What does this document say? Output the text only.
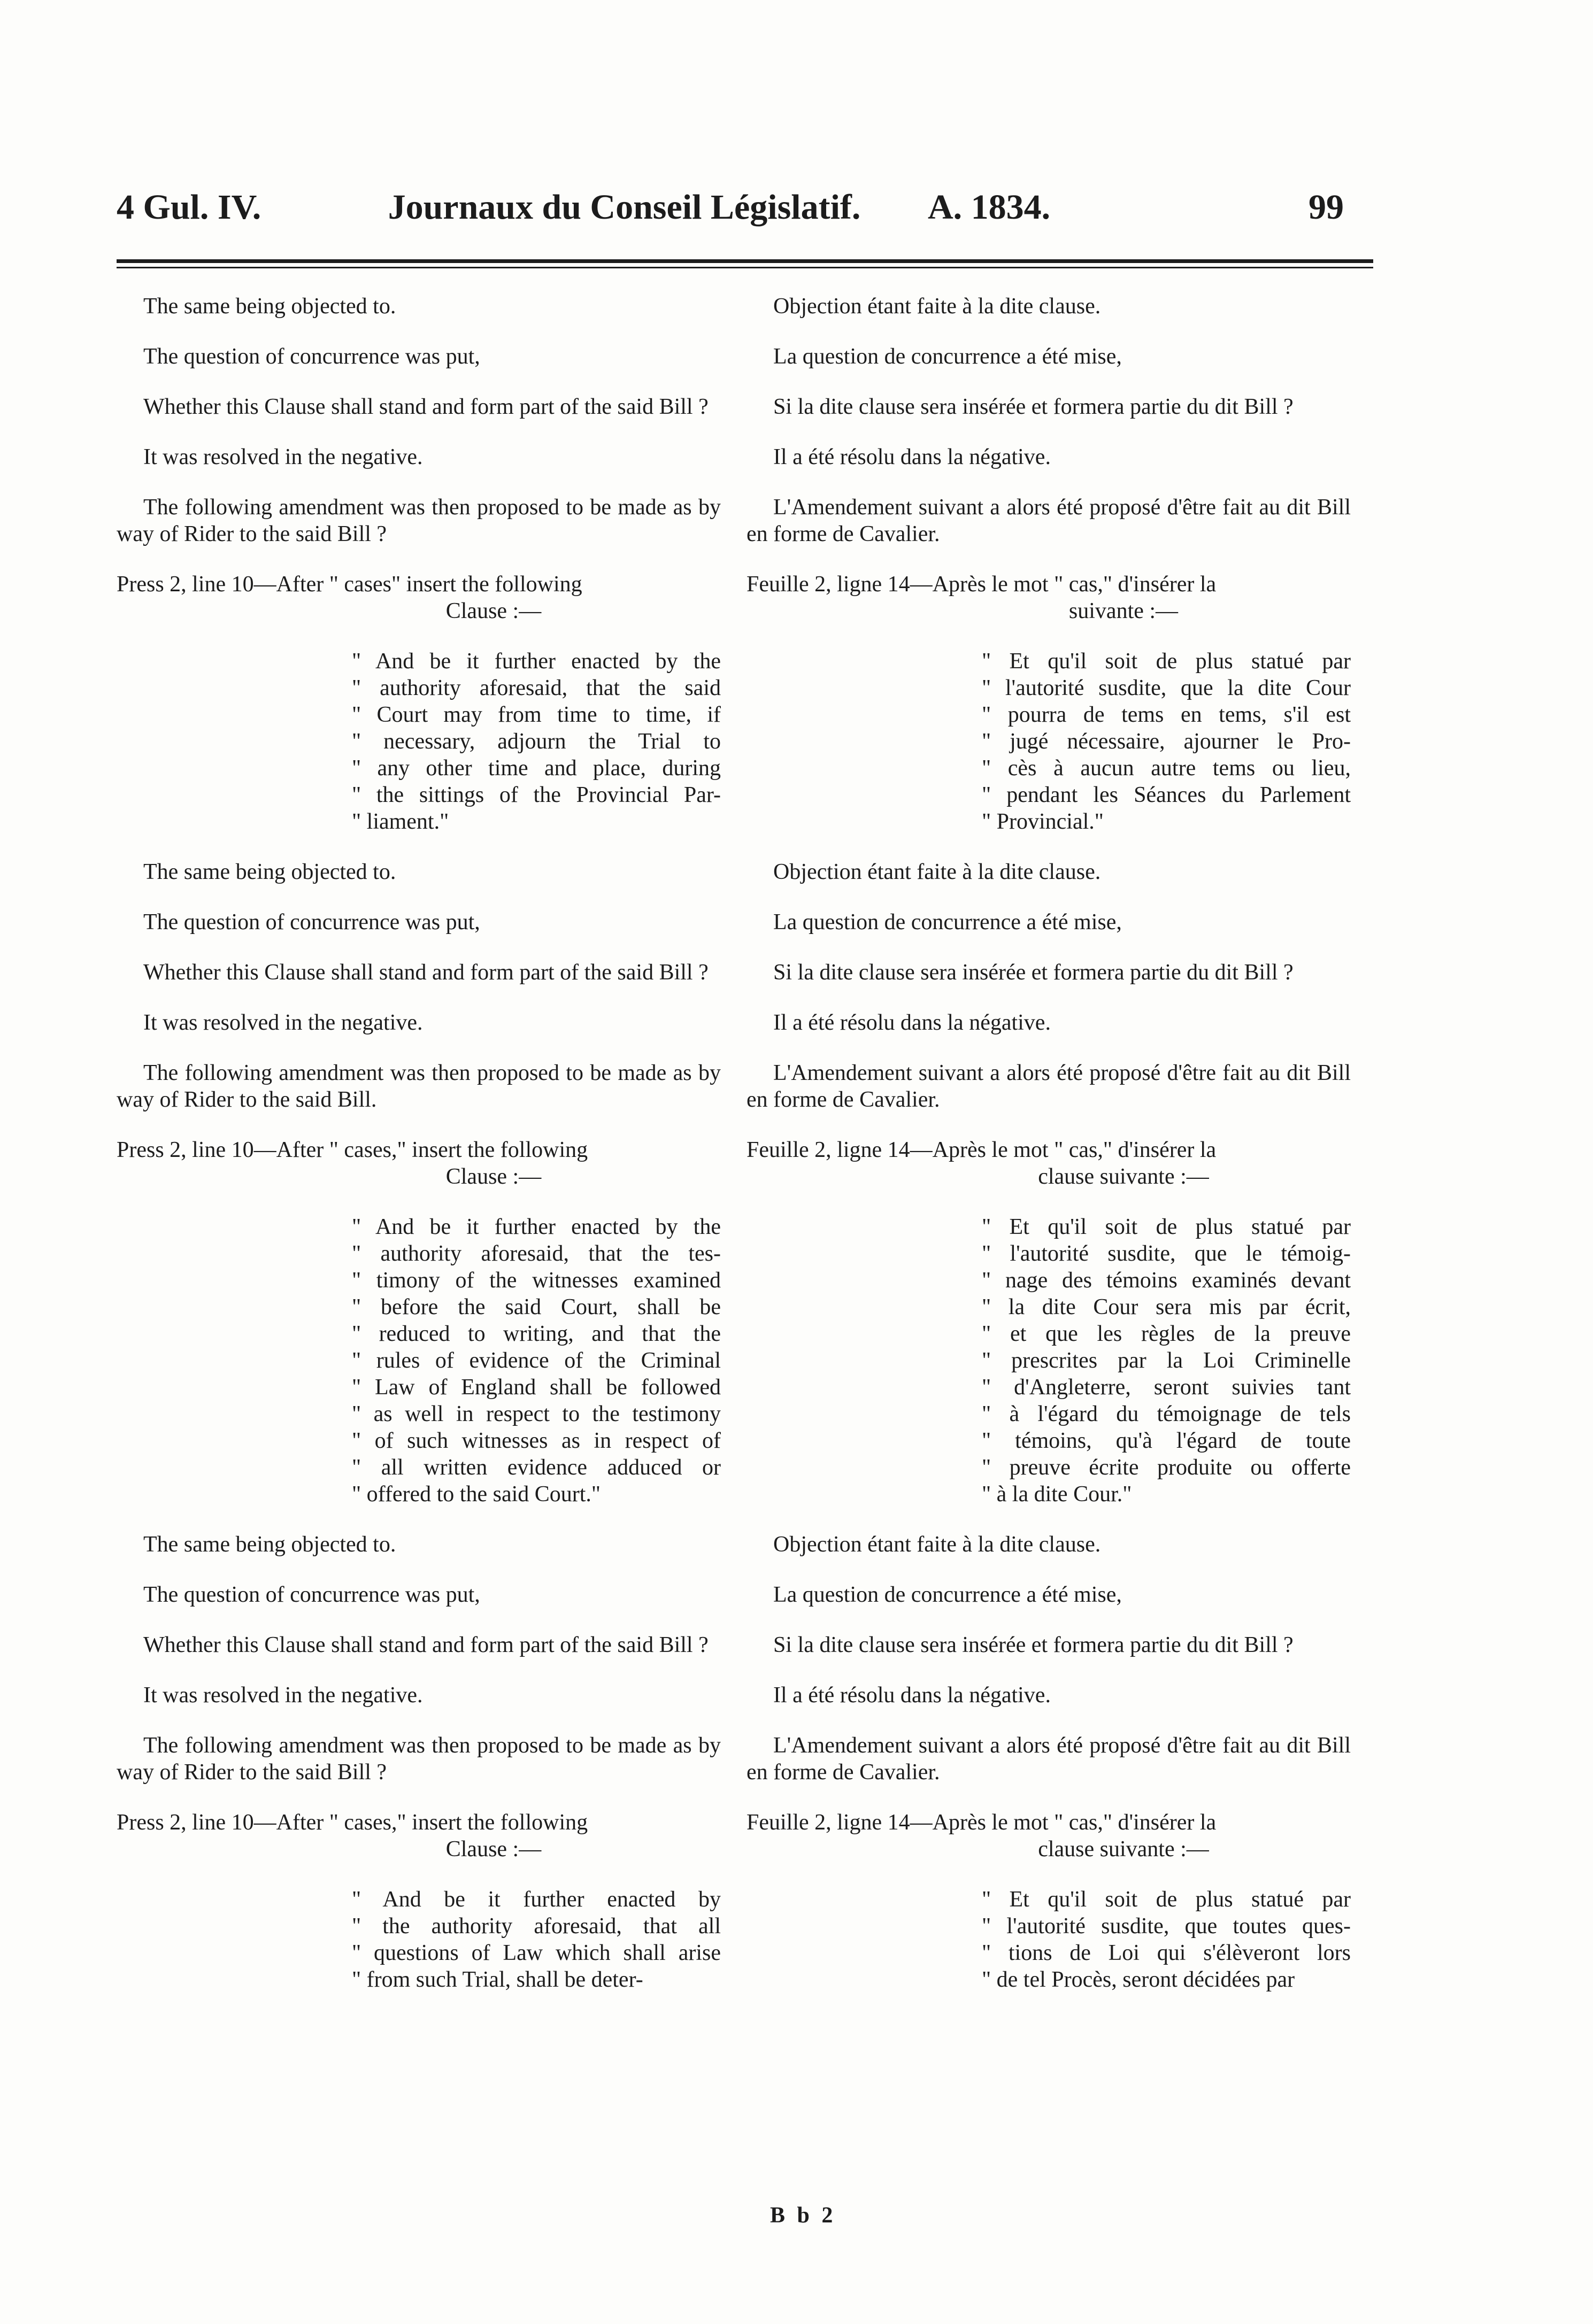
4 Gul. IV.	Journaux du Conseil Législatif.	A. 1834.	99

The same being objected to.

The question of concurrence was put,

Whether this Clause shall stand and form part of the said Bill ?

It was resolved in the negative.

The following amendment was then proposed to be made as by way of Rider to the said Bill ?

Press 2, line 10—After " cases" insert the following
Clause :—

" And be it further enacted by the
" authority aforesaid, that the said
" Court may from time to time, if
" necessary, adjourn the Trial to
" any other time and place, during
" the sittings of the Provincial Par-
" liament."

The same being objected to.

The question of concurrence was put,

Whether this Clause shall stand and form part of the said Bill ?

It was resolved in the negative.

The following amendment was then proposed to be made as by way of Rider to the said Bill.

Press 2, line 10—After " cases," insert the following
Clause :—

" And be it further enacted by the
" authority aforesaid, that the tes-
" timony of the witnesses examined
" before the said Court, shall be
" reduced to writing, and that the
" rules of evidence of the Criminal
" Law of England shall be followed
" as well in respect to the testimony
" of such witnesses as in respect of
" all written evidence adduced or
" offered to the said Court."

The same being objected to.

The question of concurrence was put,

Whether this Clause shall stand and form part of the said Bill ?

It was resolved in the negative.

The following amendment was then proposed to be made as by way of Rider to the said Bill ?

Press 2, line 10—After " cases," insert the following
Clause :—

" And be it further enacted by
" the authority aforesaid, that all
" questions of Law which shall arise
" from such Trial, shall be deter-

Objection étant faite à la dite clause.

La question de concurrence a été mise,

Si la dite clause sera insérée et formera partie du dit Bill ?

Il a été résolu dans la négative.

L'Amendement suivant a alors été proposé d'être fait au dit Bill en forme de Cavalier.

Feuille 2, ligne 14—Après le mot " cas," d'insérer la
suivante :—

" Et qu'il soit de plus statué par
" l'autorité susdite, que la dite Cour
" pourra de tems en tems, s'il est
" jugé nécessaire, ajourner le Pro-
" cès à aucun autre tems ou lieu,
" pendant les Séances du Parlement
" Provincial."

Objection étant faite à la dite clause.

La question de concurrence a été mise,

Si la dite clause sera insérée et formera partie du dit Bill ?

Il a été résolu dans la négative.

L'Amendement suivant a alors été proposé d'être fait au dit Bill en forme de Cavalier.

Feuille 2, ligne 14—Après le mot " cas," d'insérer la
clause suivante :—

" Et qu'il soit de plus statué par
" l'autorité susdite, que le témoig-
" nage des témoins examinés devant
" la dite Cour sera mis par écrit,
" et que les règles de la preuve
" prescrites par la Loi Criminelle
" d'Angleterre, seront suivies tant
" à l'égard du témoignage de tels
" témoins, qu'à l'égard de toute
" preuve écrite produite ou offerte
" à la dite Cour."

Objection étant faite à la dite clause.

La question de concurrence a été mise,

Si la dite clause sera insérée et formera partie du dit Bill ?

Il a été résolu dans la négative.

L'Amendement suivant a alors été proposé d'être fait au dit Bill en forme de Cavalier.

Feuille 2, ligne 14—Après le mot " cas," d'insérer la
clause suivante :—

" Et qu'il soit de plus statué par
" l'autorité susdite, que toutes ques-
" tions de Loi qui s'élèveront lors
" de tel Procès, seront décidées par
B b 2
